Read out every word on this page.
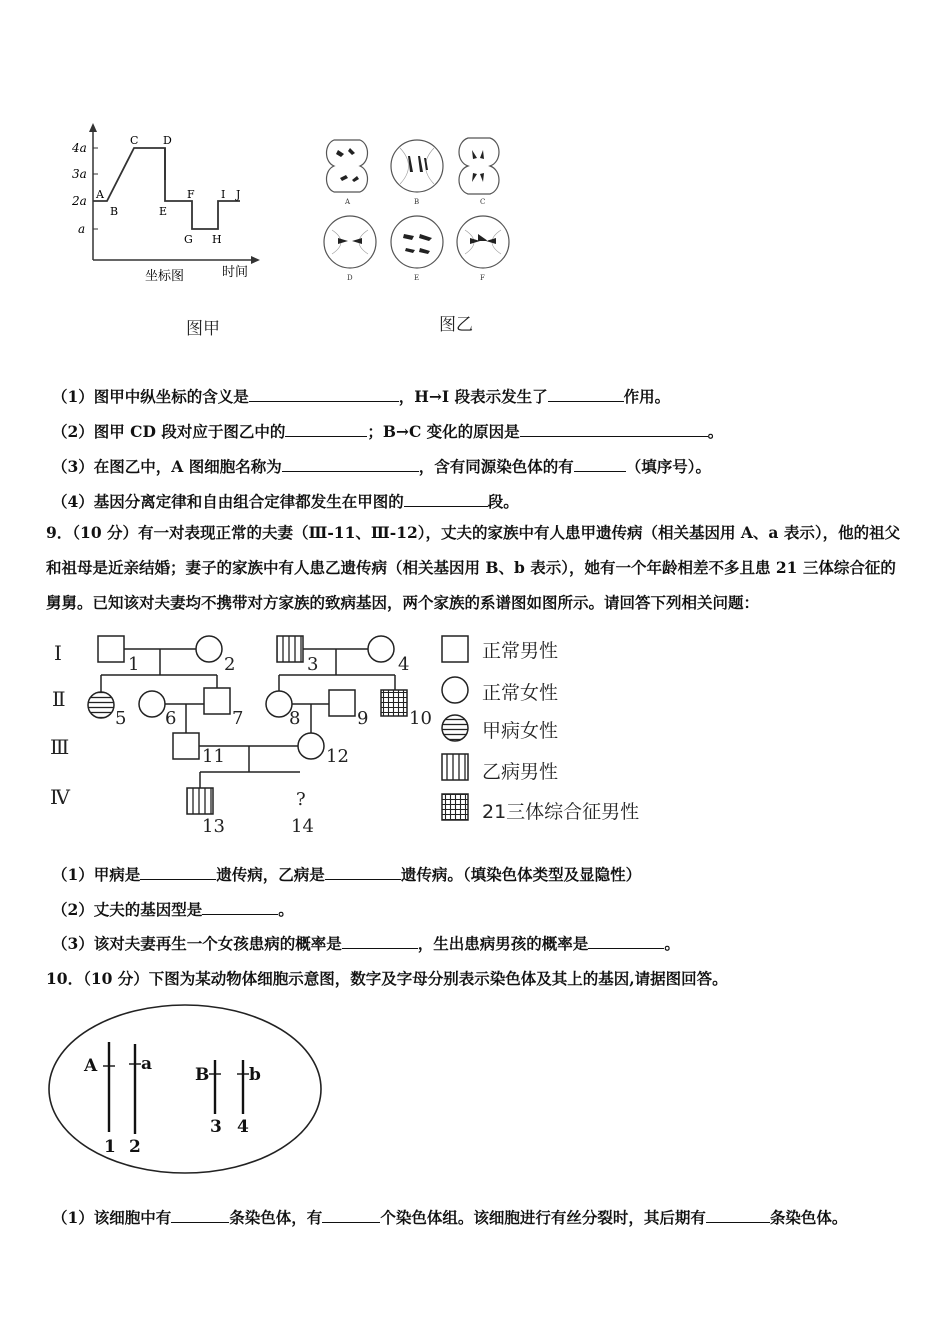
4a
3a
2a
a
A
B
C D
E
F
G H
I J
时间
坐标图
图甲
A	B	C
D	E	F
图乙
（1）图甲中纵坐标的含义是	，H→I 段表示发生了	作用。
（2）图甲 CD 段对应于图乙中的	；B→C 变化的原因是	。
（3）在图乙中，A 图细胞名称为	，含有同源染色体的有	（填序号）。
（4）基因分离定律和自由组合定律都发生在甲图的	段。
9．（10 分）有一对表现正常的夫妻（Ⅲ-11、Ⅲ-12），丈夫的家族中有人患甲遗传病（相关基因用 A、a 表示），他的祖父和祖母是近亲结婚；妻子的家族中有人患乙遗传病（相关基因用 B、b 表示），她有一个年龄相差不多且患 21 三体综合征的舅舅。已知该对夫妻均不携带对方家族的致病基因，两个家族的系谱图如图所示。请回答下列相关问题：
Ⅰ
Ⅱ
Ⅲ
Ⅳ
1	2	3	4
5 6	7	8	9 10
11	12
13
?
14
正常男性
正常女性
甲病女性
乙病男性
21三体综合征男性
（1）甲病是	遗传病，乙病是	遗传病。（填染色体类型及显隐性）
（2）丈夫的基因型是	。
（3）该对夫妻再生一个女孩患病的概率是	，生出患病男孩的概率是	。
10．（10 分）下图为某动物体细胞示意图，数字及字母分别表示染色体及其上的基因,请据图回答。
A	a
B b
1 2
3 4
（1）该细胞中有	条染色体，有	个染色体组。该细胞进行有丝分裂时，其后期有	条染色体。
